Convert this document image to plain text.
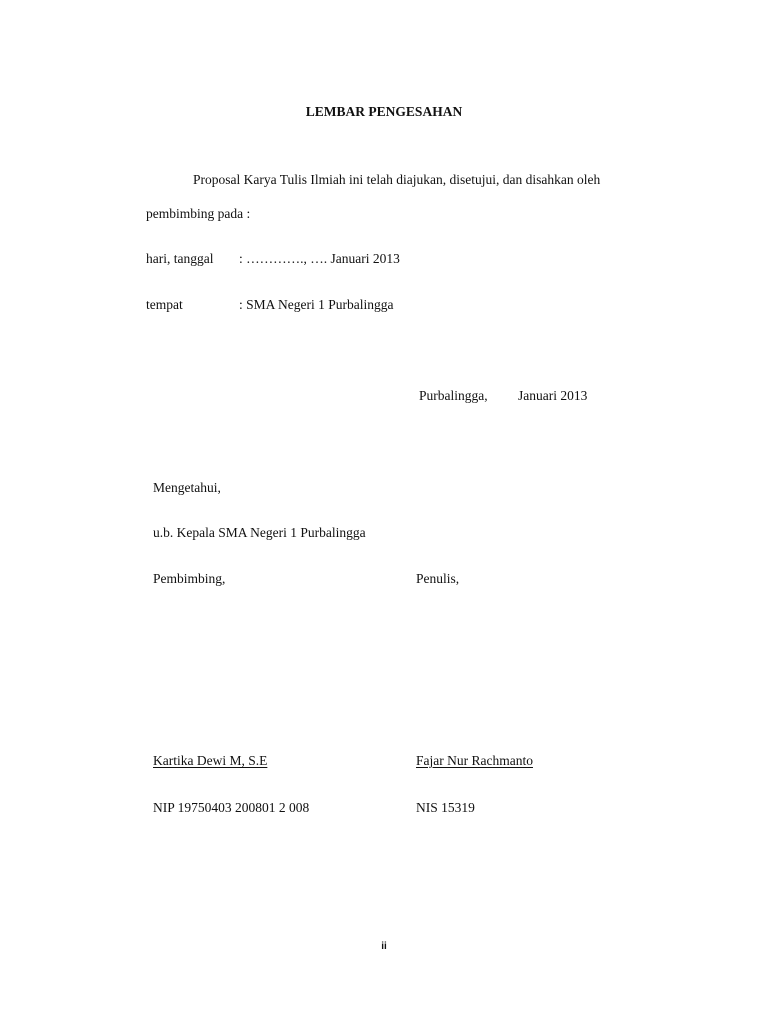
LEMBAR PENGESAHAN
Proposal Karya Tulis Ilmiah ini telah diajukan, disetujui, dan disahkan oleh
pembimbing pada :
hari, tanggal : …………., …. Januari 2013
tempat	: SMA Negeri 1 Purbalingga
Purbalingga, Januari 2013
Mengetahui,
u.b. Kepala SMA Negeri 1 Purbalingga
Pembimbing,	Penulis,
Kartika Dewi M, S.E	Fajar Nur Rachmanto
NIP 19750403 200801 2 008	NIS 15319
ii
